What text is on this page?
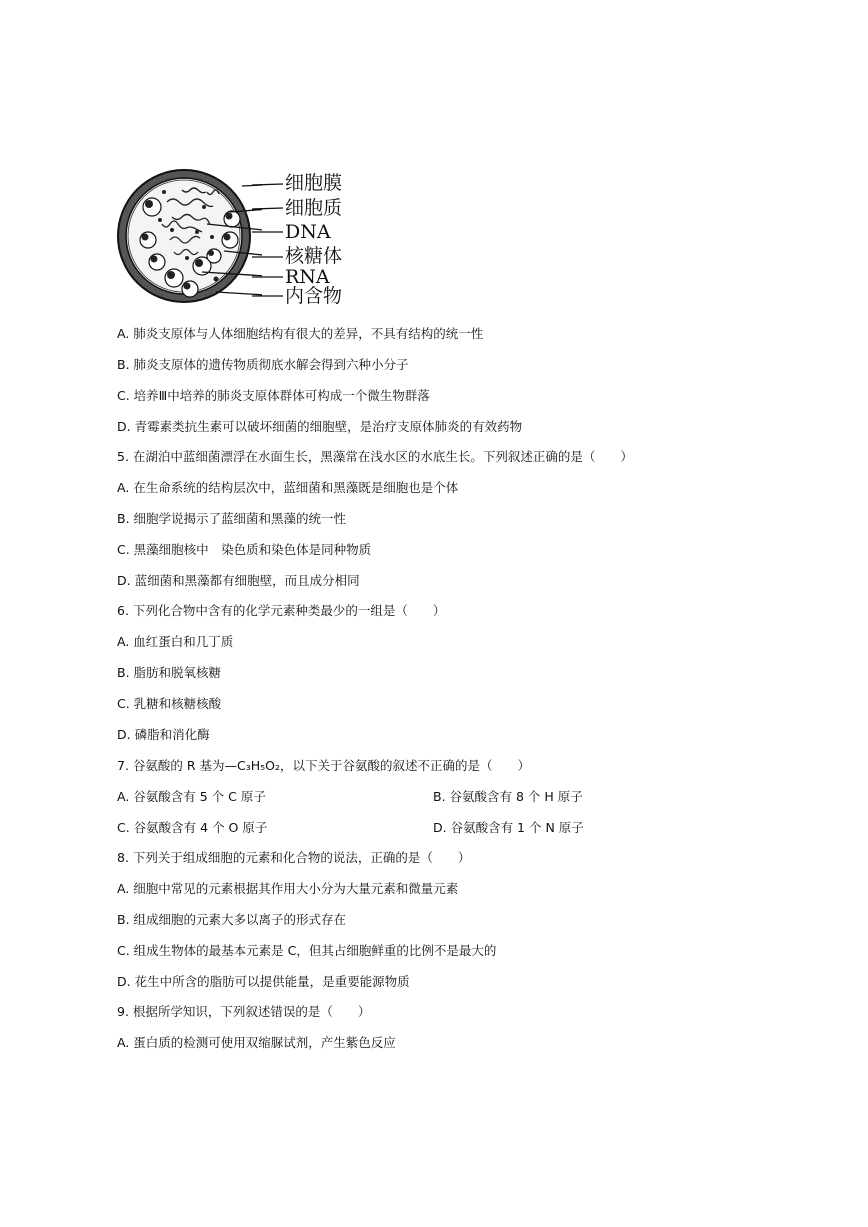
细胞膜
细胞质
DNA
核糖体
RNA
内含物
A. 肺炎支原体与人体细胞结构有很大的差异，不具有结构的统一性
B. 肺炎支原体的遗传物质彻底水解会得到六种小分子
C. 培养Ⅲ中培养的肺炎支原体群体可构成一个微生物群落
D. 青霉素类抗生素可以破坏细菌的细胞壁，是治疗支原体肺炎的有效药物
5. 在湖泊中蓝细菌漂浮在水面生长，黑藻常在浅水区的水底生长。下列叙述正确的是（　　）
A. 在生命系统的结构层次中，蓝细菌和黑藻既是细胞也是个体
B. 细胞学说揭示了蓝细菌和黑藻的统一性
C. 黑藻细胞核中　染色质和染色体是同种物质
D. 蓝细菌和黑藻都有细胞壁，而且成分相同
6. 下列化合物中含有的化学元素种类最少的一组是（　　）
A. 血红蛋白和几丁质
B. 脂肪和脱氧核糖
C. 乳糖和核糖核酸
D. 磷脂和消化酶
7. 谷氨酸的 R 基为—C₃H₅O₂，以下关于谷氨酸的叙述不正确的是（　　）
A. 谷氨酸含有 5 个 C 原子
C. 谷氨酸含有 4 个 O 原子
8. 下列关于组成细胞的元素和化合物的说法，正确的是（　　）
A. 细胞中常见的元素根据其作用大小分为大量元素和微量元素
B. 组成细胞的元素大多以离子的形式存在
C. 组成生物体的最基本元素是 C，但其占细胞鲜重的比例不是最大的
D. 花生中所含的脂肪可以提供能量，是重要能源物质
9. 根据所学知识，下列叙述错误的是（　　）
A. 蛋白质的检测可使用双缩脲试剂，产生紫色反应
B. 谷氨酸含有 8 个 H 原子
D. 谷氨酸含有 1 个 N 原子
